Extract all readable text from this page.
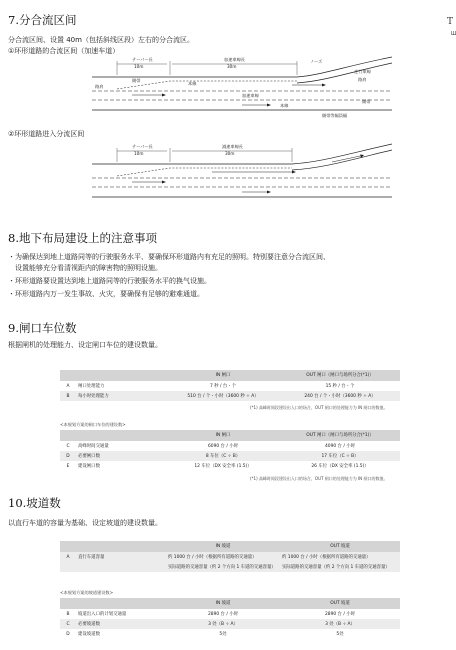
T
Ш
7.分合流区间
分合流区间、设置 40m（包括斜线区段）左右的分合流区。
①环形道路的合流区间（加速车道）
テーパー長
10m
加速車線長
30m
ノーズ
走行車線
路肩
路肩
側帯
本線
加速車線
本線
側帯
側帯等幅員幅
②环形道路进入分流区间
テーパー長
10m
減速車線長
30m
8.地下布局建设上的注意事项
・为确保达到地上道路同等的行驶服务水平、要确保环形道路内有充足的照明。特别要注意分合流区间、
　设置能够充分看清视距内的障害物的照明设施。
・环形道路要设置达到地上道路同等的行驶服务水平的换气设施。
・环形道路内万一发生事故、火灾，要确保有足够的避难通道。
9.闸口车位数
根据闸机的处理能力、设定闸口车位的建设数量。
		IN 闸口	OUT 闸口（闸口与场所分合(*1)）
A	闸口处理能力	7 秒 / 台・个	15 秒 / 台・个
B	每小时处理能力	510 台 / 个・小时（3600 秒 ÷ A）	240 台 / 个・小时（3600 秒 ÷ A）
(*1) 高峰时间段建设出入口的场合，OUT 闸口的处理能力为 IN 闸口的数值。
<本规划方案的闸口车位的建设数>
		IN 闸口	OUT 闸口（闸口与场所分合(*1)）
C	高峰时间交通量	6090 台 / 小时	4090 台 / 小时
D	必要闸口数	8 车位（C ÷ B）	17 车位（C ÷ B）
E	建设闸口数	12 车位（DX 安全率 (1.5)）	26 车位（DX 安全率 (1.5)）
(*1) 高峰时间段建设出入口的场合，OUT 闸口的处理能力为 IN 闸口的数值。
10.坡道数
以直行车道的容量为基础、设定坡道的建设数量。
		IN 坡道	OUT 坡道
A	直行车道容量	约 1000 台 / 小时（根据所有道路的交通量）	约 1000 台 / 小时（根据所有道路的交通量）
		实际道路的交通容量（约 2 个方向 1 车道的交通容量）	实际道路的交通容量（约 2 个方向 1 车道的交通容量）
<本规划方案的坡道建设数>
		IN 坡道	OUT 坡道
B	坡道出入口的计划交通量	2890 台 / 小时	2890 台 / 小时
C	必要坡道数	3 处（B ÷ A）	3 处（B ÷ A）
D	建设坡道数	5处	5处
